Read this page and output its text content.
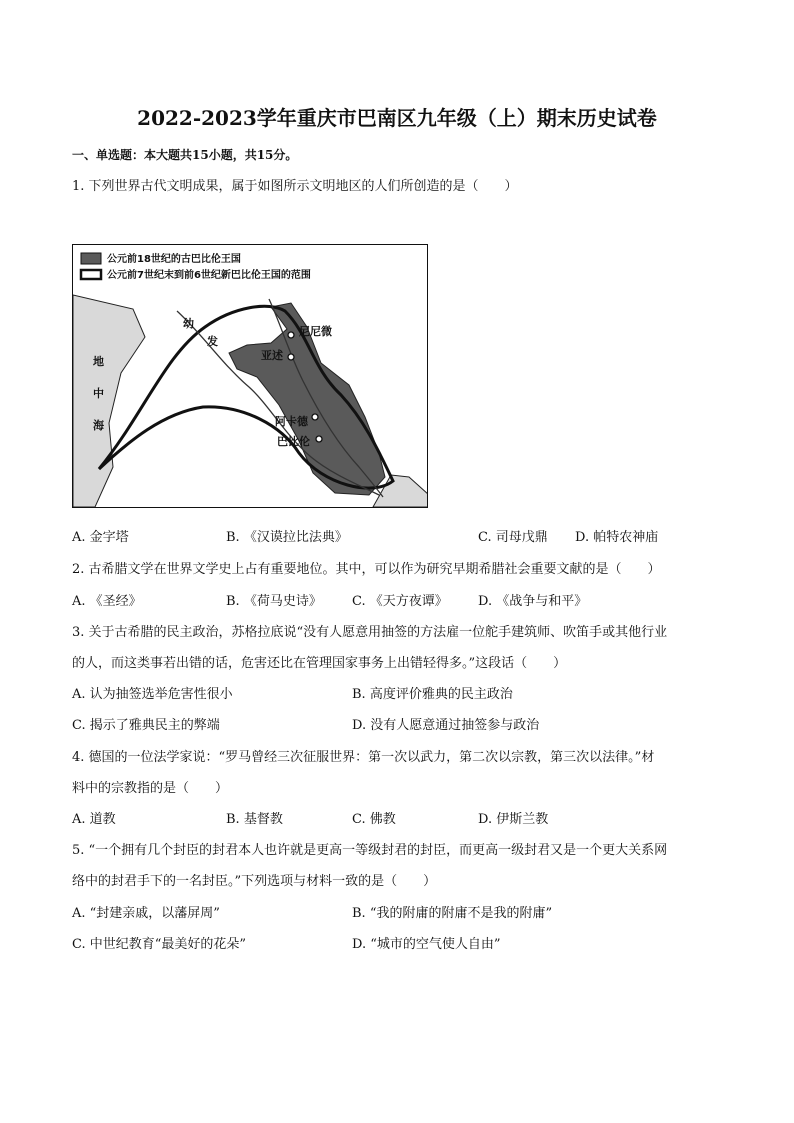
2022-2023学年重庆市巴南区九年级（上）期末历史试卷
一、单选题：本大题共15小题，共15分。
1. 下列世界古代文明成果，属于如图所示文明地区的人们所创造的是（　　）
公元前18世纪的古巴比伦王国
公元前7世纪末到前6世纪新巴比伦王国的范围
尼尼微
亚述
阿卡德
巴比伦
地
中
海
幼
发
A. 金字塔	B. 《汉谟拉比法典》	C. 司母戊鼎 D. 帕特农神庙
2. 古希腊文学在世界文学史上占有重要地位。其中，可以作为研究早期希腊社会重要文献的是（　　）
A. 《圣经》	B. 《荷马史诗》 C. 《天方夜谭》 D. 《战争与和平》
3. 关于古希腊的民主政治，苏格拉底说“没有人愿意用抽签的方法雇一位舵手建筑师、吹笛手或其他行业
的人，而这类事若出错的话，危害还比在管理国家事务上出错轻得多。”这段话（　　）
A. 认为抽签选举危害性很小	B. 高度评价雅典的民主政治
C. 揭示了雅典民主的弊端	D. 没有人愿意通过抽签参与政治
4. 德国的一位法学家说：“罗马曾经三次征服世界：第一次以武力，第二次以宗教，第三次以法律。”材
料中的宗教指的是（　　）
A. 道教	B. 基督教	C. 佛教	D. 伊斯兰教
5. “一个拥有几个封臣的封君本人也许就是更高一等级封君的封臣，而更高一级封君又是一个更大关系网
络中的封君手下的一名封臣。”下列选项与材料一致的是（　　）
A. “封建亲戚，以藩屏周”	B. “我的附庸的附庸不是我的附庸”
C. 中世纪教育“最美好的花朵”	D. “城市的空气使人自由”
